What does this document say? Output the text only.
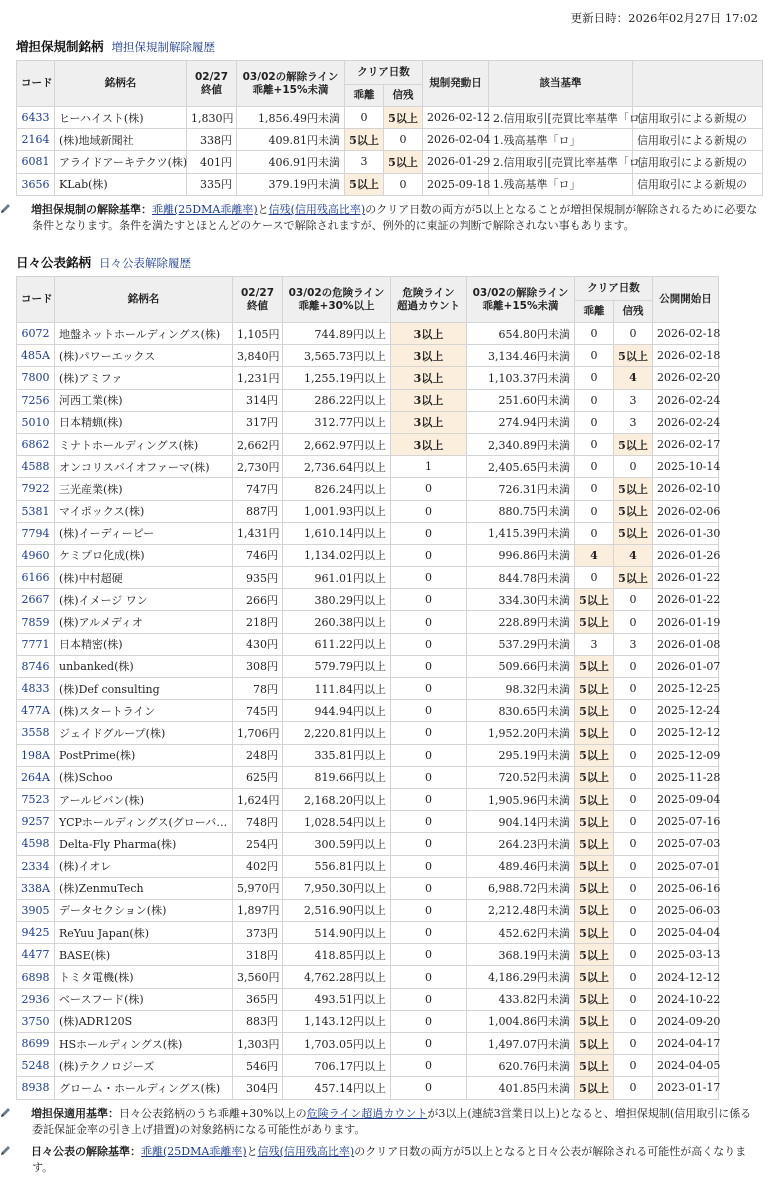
更新日時：2026年02月27日 17:02
増担保規制銘柄 増担保規制解除履歴
コード	銘柄名	02/27
終値	03/02の解除ライン
乖離+15%未満	クリア日数		規制発動日	該当基準	
				乖離	信残			
6433	ヒーハイスト(株)	1,830円	1,856.49円未満	0	5以上	2026-02-12	2.信用取引[売買比率基準「ロ」	信用取引による新規の
2164	(株)地域新聞社	338円	409.81円未満	5以上	0	2026-02-04	1.残高基準「ロ」	信用取引による新規の
6081	アライドアーキテクツ(株)	401円	406.91円未満	3	5以上	2026-01-29	2.信用取引[売買比率基準「ロ」	信用取引による新規の
3656	KLab(株)	335円	379.19円未満	5以上	0	2025-09-18	1.残高基準「ロ」	信用取引による新規の
増担保規制の解除基準：乖離(25DMA乖離率)と信残(信用残高比率)のクリア日数の両方が5以上となることが増担保規制が解除されるために必要な条件となります。条件を満たすとほとんどのケースで解除されますが、例外的に東証の判断で解除されない事もあります。
日々公表銘柄 日々公表解除履歴
コード	銘柄名	02/27
終値	03/02の危険ライン
乖離+30%以上	危険ライン
超過カウント	03/02の解除ライン
乖離+15%未満	クリア日数		公開開始日
						乖離	信残	
6072	地盤ネットホールディングス(株)	1,105円	744.89円以上	3以上	654.80円未満	0	0	2026-02-18
485A	(株)パワーエックス	3,840円	3,565.73円以上	3以上	3,134.46円未満	0	5以上	2026-02-18
7800	(株)アミファ	1,231円	1,255.19円以上	3以上	1,103.37円未満	0	4	2026-02-20
7256	河西工業(株)	314円	286.22円以上	3以上	251.60円未満	0	3	2026-02-24
5010	日本精蝋(株)	317円	312.77円以上	3以上	274.94円未満	0	3	2026-02-24
6862	ミナトホールディングス(株)	2,662円	2,662.97円以上	3以上	2,340.89円未満	0	5以上	2026-02-17
4588	オンコリスバイオファーマ(株)	2,730円	2,736.64円以上	1	2,405.65円未満	0	0	2025-10-14
7922	三光産業(株)	747円	826.24円以上	0	726.31円未満	0	5以上	2026-02-10
5381	マイポックス(株)	887円	1,001.93円以上	0	880.75円未満	0	5以上	2026-02-06
7794	(株)イーディーピー	1,431円	1,610.14円以上	0	1,415.39円未満	0	5以上	2026-01-30
4960	ケミプロ化成(株)	746円	1,134.02円以上	0	996.86円未満	4	4	2026-01-26
6166	(株)中村超硬	935円	961.01円以上	0	844.78円未満	0	5以上	2026-01-22
2667	(株)イメージ ワン	266円	380.29円以上	0	334.30円未満	5以上	0	2026-01-22
7859	(株)アルメディオ	218円	260.38円以上	0	228.89円未満	5以上	0	2026-01-19
7771	日本精密(株)	430円	611.22円以上	0	537.29円未満	3	3	2026-01-08
8746	unbanked(株)	308円	579.79円以上	0	509.66円未満	5以上	0	2026-01-07
4833	(株)Def consulting	78円	111.84円以上	0	98.32円未満	5以上	0	2025-12-25
477A	(株)スタートライン	745円	944.94円以上	0	830.65円未満	5以上	0	2025-12-24
3558	ジェイドグループ(株)	1,706円	2,220.81円以上	0	1,952.20円未満	5以上	0	2025-12-12
198A	PostPrime(株)	248円	335.81円以上	0	295.19円未満	5以上	0	2025-12-09
264A	(株)Schoo	625円	819.66円以上	0	720.52円未満	5以上	0	2025-11-28
7523	アールビバン(株)	1,624円	2,168.20円以上	0	1,905.96円未満	5以上	0	2025-09-04
9257	YCPホールディングス(グローバ…	748円	1,028.54円以上	0	904.14円未満	5以上	0	2025-07-16
4598	Delta-Fly Pharma(株)	254円	300.59円以上	0	264.23円未満	5以上	0	2025-07-03
2334	(株)イオレ	402円	556.81円以上	0	489.46円未満	5以上	0	2025-07-01
338A	(株)ZenmuTech	5,970円	7,950.30円以上	0	6,988.72円未満	5以上	0	2025-06-16
3905	データセクション(株)	1,897円	2,516.90円以上	0	2,212.48円未満	5以上	0	2025-06-03
9425	ReYuu Japan(株)	373円	514.90円以上	0	452.62円未満	5以上	0	2025-04-04
4477	BASE(株)	318円	418.85円以上	0	368.19円未満	5以上	0	2025-03-13
6898	トミタ電機(株)	3,560円	4,762.28円以上	0	4,186.29円未満	5以上	0	2024-12-12
2936	ベースフード(株)	365円	493.51円以上	0	433.82円未満	5以上	0	2024-10-22
3750	(株)ADR120S	883円	1,143.12円以上	0	1,004.86円未満	5以上	0	2024-09-20
8699	HSホールディングス(株)	1,303円	1,703.05円以上	0	1,497.07円未満	5以上	0	2024-04-17
5248	(株)テクノロジーズ	546円	706.17円以上	0	620.76円未満	5以上	0	2024-04-05
8938	グローム・ホールディングス(株)	304円	457.14円以上	0	401.85円未満	5以上	0	2023-01-17
増担保適用基準：日々公表銘柄のうち乖離+30%以上の危険ライン超過カウントが3以上(連続3営業日以上)となると、増担保規制(信用取引に係る委託保証金率の引き上げ措置)の対象銘柄になる可能性があります。
日々公表の解除基準：乖離(25DMA乖離率)と信残(信用残高比率)のクリア日数の両方が5以上となると日々公表が解除される可能性が高くなります。
